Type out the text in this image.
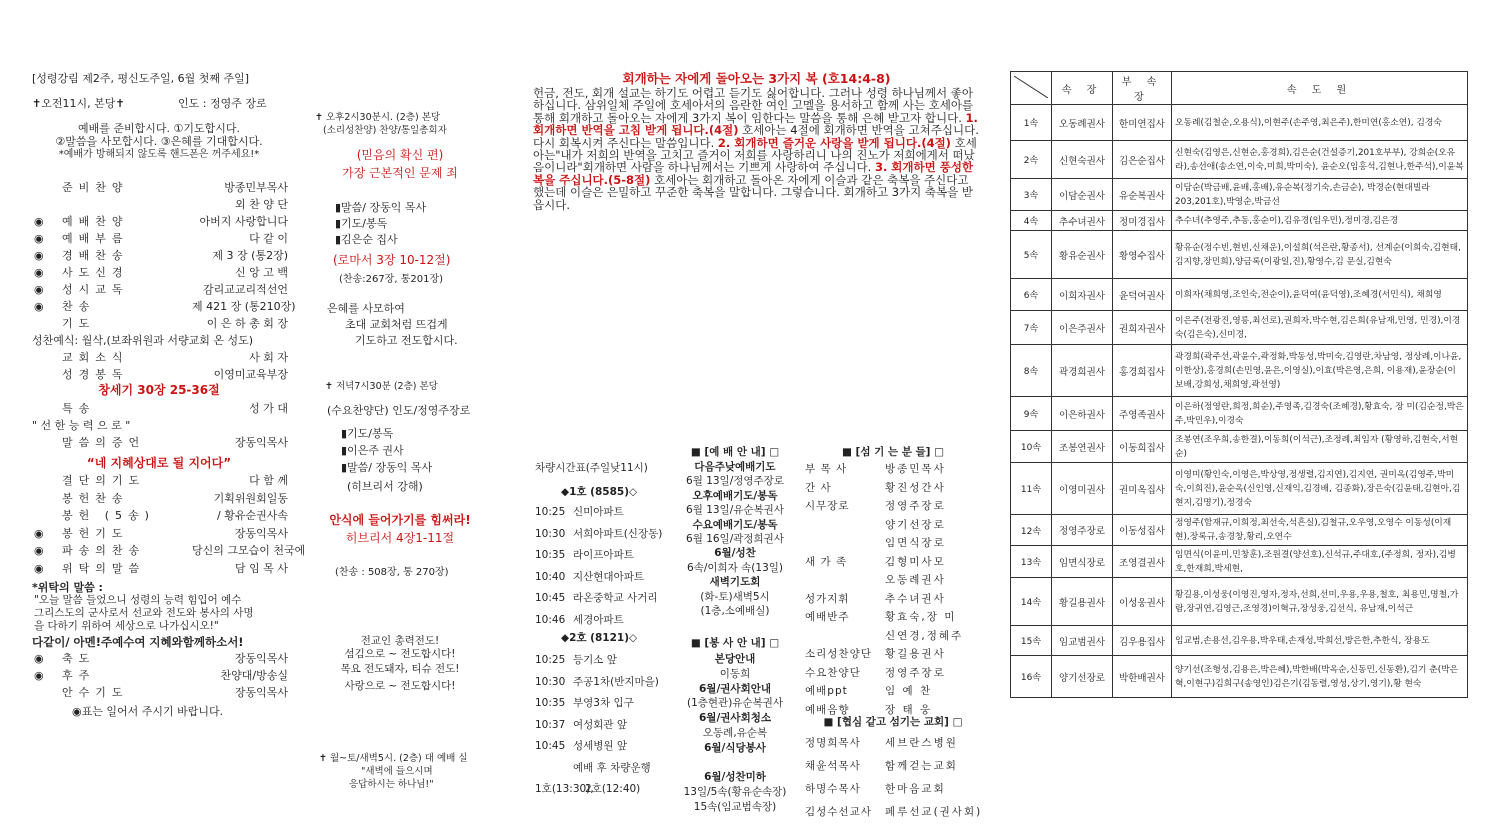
[성령강림 제2주, 평신도주일, 6월 첫째 주일]
✝오전11시, 본당✝	인도 : 정영주 장로
예배를 준비합시다. ①기도합시다.
②말씀을 사모합시다. ③은혜를 기대합시다.
*예배가 방해되지 않도록 핸드폰은 꺼주세요!*
준비찬양	방종민부목사
외 찬 양 단
◉	예배찬양	아버지 사랑합니다
◉	예배부름	다 같 이
◉	경배찬송	제 3 장 (통2장)
◉	사도신경	신 앙 고 백
◉	성시교독	감리교교리적선언
◉	찬송	제 421 장 (통210장)
기도	이 은 하 총 회 장
성찬예식: 월삭,(보좌위원과 서량교회 온 성도)
교회소식	사 회 자
성경봉독	이영미교육부장
창세기 30장 25-36절
특송	성 가 대
" 선 한 능 력 으 로 "
말씀의증언	장동익목사
“네 지혜상대로 될 지어다”
결단의기도	다 함 께
봉헌찬송	기획위원회일동
봉헌 (5송)	/ 황유순권사속
◉	봉헌기도	장동익목사
◉	파송의찬송	당신의 그모습이 천국에
◉	위탁의말씀	담 임 목 사
*위탁의 말씀 :
"오늘 말씀 들었으니 성령의 능력 힘입어 예수
그리스도의 군사로서 선교와 전도와 봉사의 사명
을 다하기 위하여 세상으로 나가십시오!"
다같이/ 아멘!주예수여 지혜와함께하소서!
◉	축도	장동익목사
◉	후주	찬양대/방송실
안수기도	장동익목사
◉표는 일어서 주시기 바랍니다.
✝ 오후2시30분시. (2층) 본당
(소리성찬양) 찬양/통일총회자
(믿음의 확신 편)
가장 근본적인 문제 죄
▮말씀/ 장동익 목사
▮기도/봉독
▮김은순 집사
(로마서 3장 10-12절)
(찬송:267장, 통201장)
은혜를 사모하여
초대 교회처럼 뜨겁게
기도하고 전도합시다.
✝ 저녁7시30분 (2층) 본당
(수요찬양단) 인도/정영주장로
▮기도/봉독
▮이은주 권사
▮말씀/ 장동익 목사
(히브리서 강해)
안식에 들어가기를 힘써라!
히브리서 4장1-11절
(찬송 : 508장, 통 270장)
전교인 총력전도!
섬김으로 ~ 전도합시다!
목요 전도돼자, 티슈 전도!
사랑으로 ~ 전도합시다!
✝ 월~토/새벽5시. (2층) 대 예배 실
"새벽에 들으시며
응답하시는 하나님!"
회개하는 자에게 돌아오는 3가지 복 (호14:4-8)
헌금, 전도, 회개 설교는 하기도 어렵고 듣기도 싫어합니다. 그러나 성령 하나님께서 좋아하십니다. 삼위일체 주일에 호세아서의 음란한 여인 고멜을 용서하고 함께 사는 호세아를 통해 회개하고 돌아오는 자에게 3가지 복이 임한다는 말씀을 통해 은혜 받고자 합니다. 1. 회개하면 반역을 고침 받게 됩니다.(4절) 호세아는 4절에 회개하면 반역을 고쳐주십니다. 다시 회복시켜 주신다는 말씀입니다. 2. 회개하면 즐거운 사랑을 받게 됩니다.(4절) 호세아는"내가 저희의 반역을 고치고 즐거이 저희를 사랑하리니 나의 진노가 저희에게서 떠났음이니라"회개하면 사람을 하나님께서는 기쁘게 사랑하여 주십니다. 3. 회개하면 풍성한 복을 주십니다.(5-8절) 호세아는 회개하고 돌아온 자에게 이슬과 같은 축복을 주신다고 했는데 이슬은 은밀하고 꾸준한 축복을 말합니다. 그렇습니다. 회개하고 3가지 축복을 받읍시다.
차량시간표(주일낮11시)
◆1호 (8585)◇
10:25 신미아파트
10:30 서희아파트(신장동)
10:35 라이프아파트
10:40 지산현대아파트
10:45 라온중학교 사거리
10:46 세경아파트
◆2호 (8121)◇
10:25 등기소 앞
10:30 주공1차(반지마을)
10:35 부영3차 입구
10:37 여성회관 앞
10:45 성세병원 앞
예배 후 차량운행
1호(13:30),
2호(12:40)
■ [예 배 안 내] □
다음주낮예배기도
6월 13일/정영주장로
오후예배기도/봉독
6월 13일/유순복권사
수요예배기도/봉독
6월 16일/곽정희권사
6월/성찬
6속/이희자 속(13일)
새벽기도회
(화-토)새벽5시
(1층,소예배실)
■ [봉 사 안 내] □
본당안내
이동희
6월/권사회안내
(1층현관)유순복권사
6월/권사회청소
오동례,유순복
6월/식당봉사
6월/성찬미하
13일/5속(황유순속장)
15속(임교범속장)
■ [섬 기 는 분 들] □
부 목 사	방종민목사
간 사	황진성간사
시무장로	정영주장로
양기선장로
임면식장로
새 가 족	김형미사모
오동례권사
성가지휘	추수녀권사
예배반주	황효숙,장 미
신연경,정혜주
소리성찬양단 황길용권사
수요찬양단 정영주장로
예배ppt	임 예 찬
예배음향	장 태 웅
■ [협심 같고 섬기는 교회] □
정명희목사 세브란스병원
채윤석목사 함께걷는교회
하명수목사 한마음교회
김성수선교사 페루선교(권사회)
	속 장	부 속 장	속 도 원
1속	오동례권사	한미연집사	오동례(김철순,오용식),이현주(손주영,최은주),한미연(홍소연), 김경숙
2속	신현숙권사	김은순집사	신현숙(김영은,신현순,홍경희),김은순(건설증기,201호부부), 강희순(오유라),송선애(송소연,이숙,미희,박미숙), 윤순오(임홍석,김현나,한주석),이윤복
3속	이담순권사	유순복권사	이담순(박금배,윤배,홍배),유순복(정기숙,손금순), 박경순(현대빌라203,201호),박영순,박금선
4속	추수녀권사	정미경집사	추수녀(추영주,추동,홍순이),김유경(임우민),정미경,김은경
5속	황유순권사	황영수집사	황유순(정수빈,현빈,신채운),이설희(석은란,황종서), 선계순(이희숙,김현태,김지향,장민희),양금록(이광일,진),황영수,김 문실,김현숙
6속	이희자권사	윤덕여권사	이희자(채희영,조인숙,전순이),윤덕여(윤덕영),조혜경(서민식), 채희영
7속	이은주권사	권희자권사	이은주(전광진,영릉,최선로),권희자,박수현,김은희(유남재,민영, 민경),이경숙(김은숙),신미경,
8속	곽경희권사	홍경희집사	곽경희(곽주선,곽윤수,곽정화,박동성,박미숙,김영란,차남영, 정상례,이나윤,이한상),홍경희(손민영,윤은,이영실),이효(박은영,은희, 이용재),윤장순(이보배,강희성,채희영,곽선영)
9속	이은하권사	주영족권사	이은하(정영란,희정,희순),주영족,김경숙(조혜경),황효숙, 장 미(김순정,박은주,박민우),이경숙
10속	조봉연권사	이동희집사	조봉연(조우희,송한결),이동희(이석근),조정례,최임자 (황영하,김현숙,서현순)
11속	이영미권사	권미옥집사	이영미(황인숙,이영은,박상영,정생렬,김지연),김지연, 권미옥(김영주,박미숙,이희진),윤순옥(신인영,신재익,김경배, 김종화),장은숙(김윤태,김현아,김현지,김명기),정경숙
12속	정영주장로	이동성집사	정영주(함재규,이희정,최선숙,석흔실),김철규,오우영,오영수 이동성(이재현),장록규,송경창,황리,오연수
13속	임면식장로	조영결권사	임면식(이윤미,민창훈),조원결(양선호),신석규,주대호,(주정희, 정자),김병호,한재희,박세현,
14속	황길용권사	이성웅권사	황길용,이성웅(이영진,영자,정자,선희,선미,우용,우용,철호, 최용민,명철,가람,장귀연,김영근,조영경)이혁규,장성웅,김선식, 유남재,이석근
15속	임교범권사	김우용집사	임교범,손용선,김우용,박우태,손재성,박희선,방은한,추한식, 장용도
16속	양기선장로	박한배권사	양기선(조형성,김용은,박은혜),박한배(박옥순,신동민,신동환),김기 춘(박은혁,이현구)김희구(송영인)김은기(김동렬,영성,상기,영기),황 현숙
